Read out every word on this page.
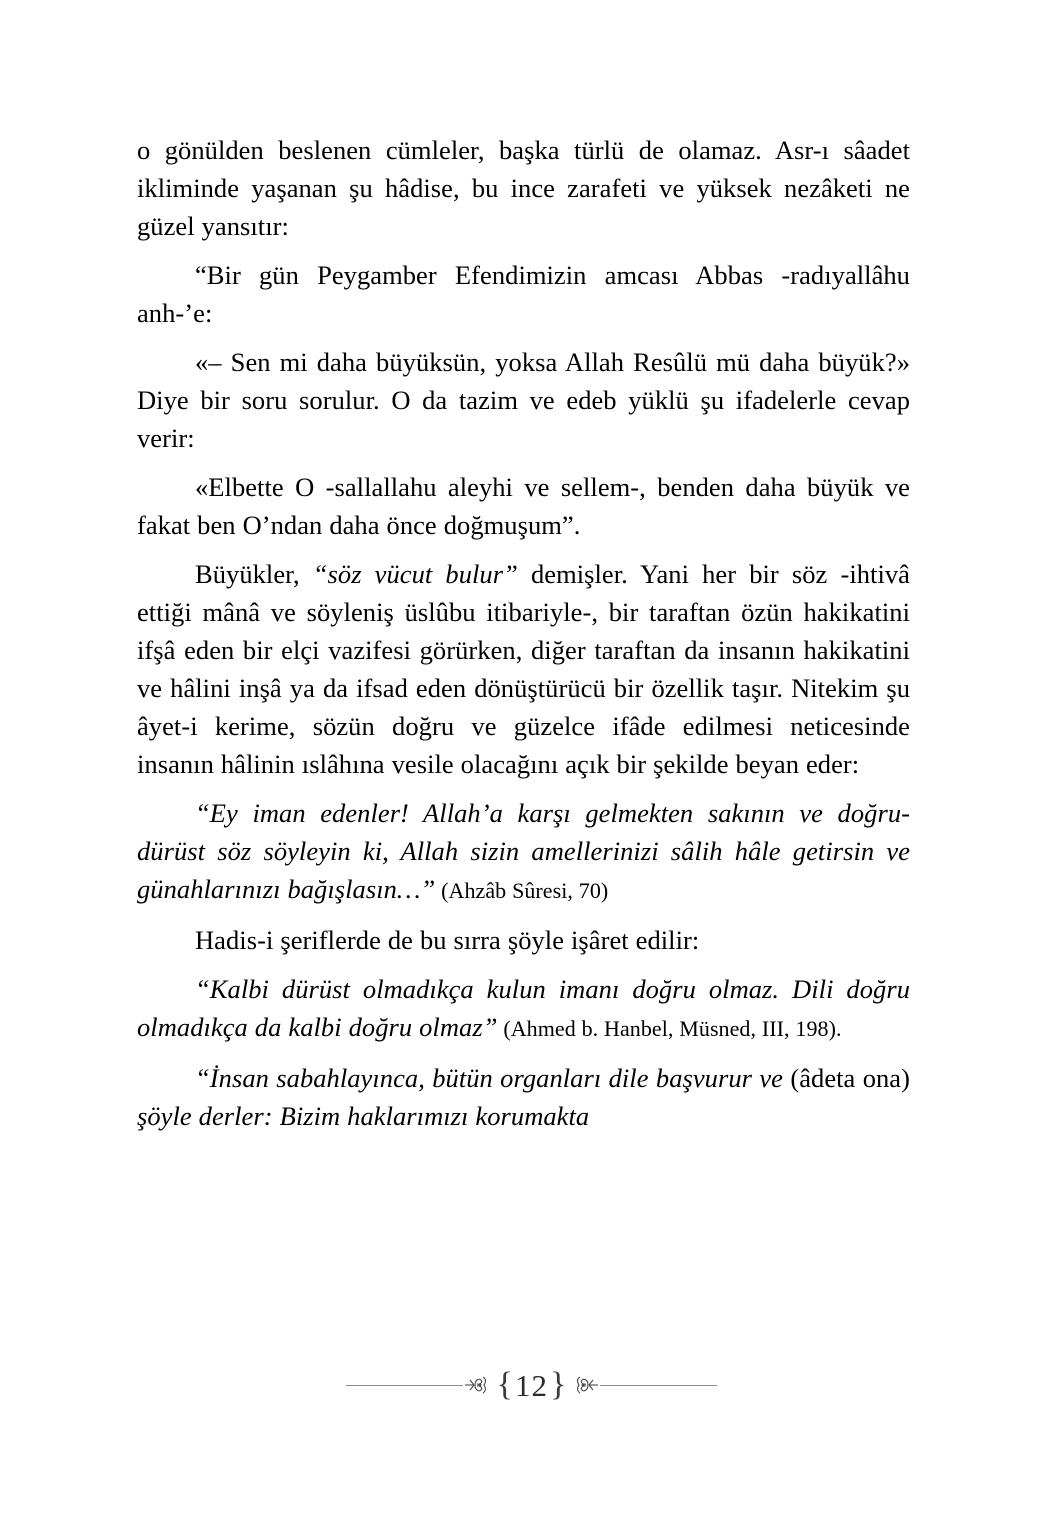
o gönülden beslenen cümleler, başka türlü de olamaz. Asr-ı sâadet ikliminde yaşanan şu hâdise, bu ince zarafeti ve yüksek nezâketi ne güzel yansıtır:

“Bir gün Peygamber Efendimizin amcası Abbas -radıyallâhu anh-’e:

«– Sen mi daha büyüksün, yoksa Allah Resûlü mü daha büyük?» Diye bir soru sorulur. O da tazim ve edeb yüklü şu ifadelerle cevap verir:

«Elbette O -sallallahu aleyhi ve sellem-, benden daha büyük ve fakat ben O’ndan daha önce doğmuşum”.

Büyükler, “söz vücut bulur” demişler. Yani her bir söz -ihtivâ ettiği mânâ ve söyleniş üslûbu itibariyle-, bir taraftan özün hakikatini ifşâ eden bir elçi vazifesi görürken, diğer taraftan da insanın hakikatini ve hâlini inşâ ya da ifsad eden dönüştürücü bir özellik taşır. Nitekim şu âyet-i kerime, sözün doğru ve güzelce ifâde edilmesi neticesinde insanın hâlinin ıslâhına vesile olacağını açık bir şekilde beyan eder:

“Ey iman edenler! Allah’a karşı gelmekten sakının ve doğru-dürüst söz söyleyin ki, Allah sizin amellerinizi sâlih hâle getirsin ve günahlarınızı bağışlasın…” (Ahzâb Sûresi, 70)

Hadis-i şeriflerde de bu sırra şöyle işâret edilir:

“Kalbi dürüst olmadıkça kulun imanı doğru olmaz. Dili doğru olmadıkça da kalbi doğru olmaz” (Ahmed b. Hanbel, Müsned, III, 198).

“İnsan sabahlayınca, bütün organları dile başvurur ve (âdeta ona) şöyle derler: Bizim haklarımızı korumakta

{ 12 }
